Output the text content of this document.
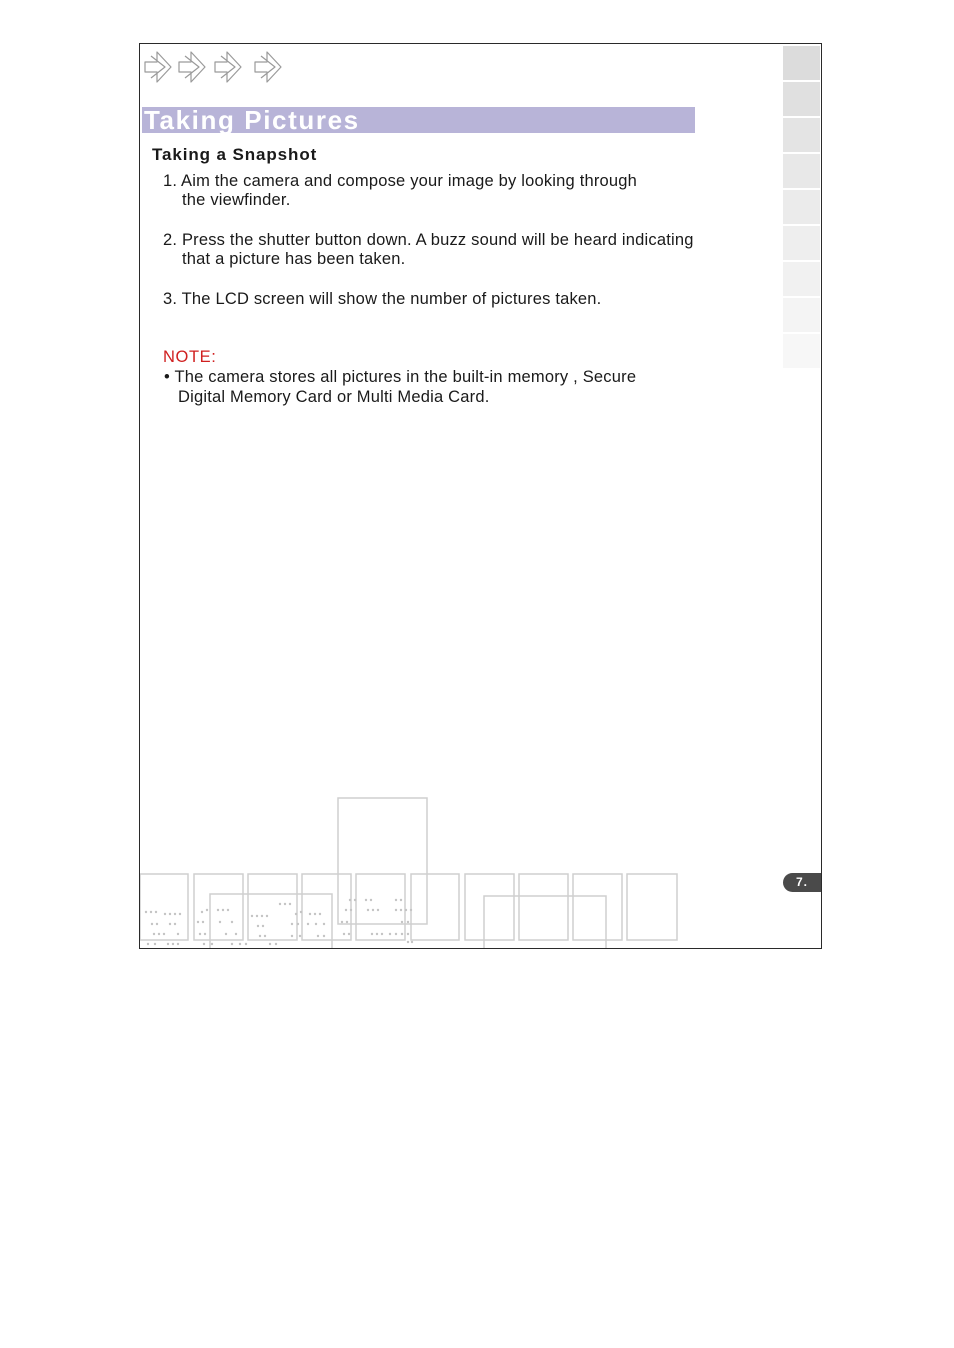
Taking Pictures
Taking a Snapshot
1. Aim the camera and compose your image by looking through
the viewfinder.
2. Press the shutter button down. A buzz sound will be heard indicating
that a picture has been taken.
3. The LCD screen will show the number of pictures taken.
NOTE:
• The camera stores all pictures in the built-in memory , Secure
Digital Memory Card or Multi Media Card.
7.
